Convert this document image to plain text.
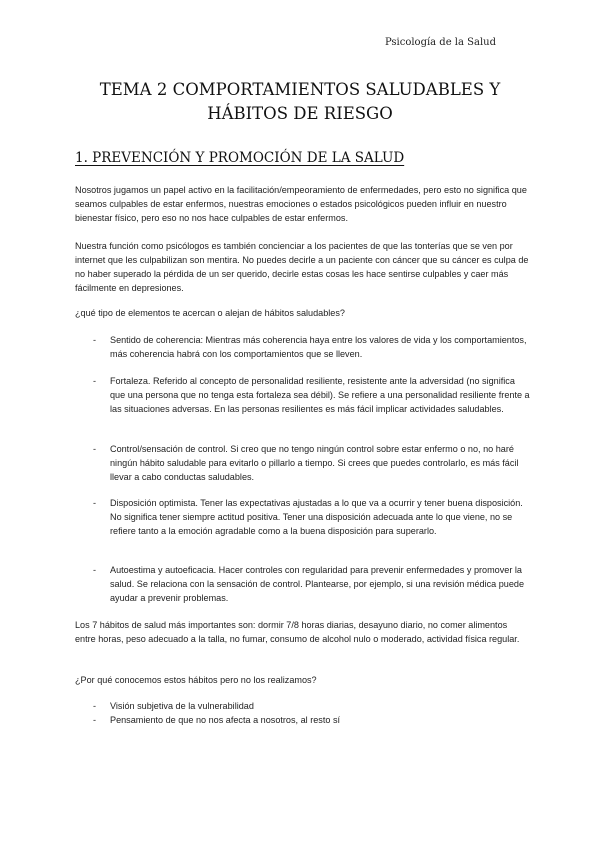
Psicología de la Salud
TEMA 2 COMPORTAMIENTOS SALUDABLES Y
HÁBITOS DE RIESGO
1. PREVENCIÓN Y PROMOCIÓN DE LA SALUD

Nosotros jugamos un papel activo en la facilitación/empeoramiento de enfermedades, pero esto no significa que seamos culpables de estar enfermos, nuestras emociones o estados psicológicos pueden influir en nuestro bienestar físico, pero eso no nos hace culpables de estar enfermos.

Nuestra función como psicólogos es también concienciar a los pacientes de que las tonterías que se ven por internet que les culpabilizan son mentira. No puedes decirle a un paciente con cáncer que su cáncer es culpa de no haber superado la pérdida de un ser querido, decirle estas cosas les hace sentirse culpables y caer más fácilmente en depresiones.

¿qué tipo de elementos te acercan o alejan de hábitos saludables?

- Sentido de coherencia: Mientras más coherencia haya entre los valores de vida y los comportamientos, más coherencia habrá con los comportamientos que se lleven.
- Fortaleza. Referido al concepto de personalidad resiliente, resistente ante la adversidad (no significa que una persona que no tenga esta fortaleza sea débil). Se refiere a una personalidad resiliente frente a las situaciones adversas. En las personas resilientes es más fácil implicar actividades saludables.
- Control/sensación de control. Si creo que no tengo ningún control sobre estar enfermo o no, no haré ningún hábito saludable para evitarlo o pillarlo a tiempo. Si crees que puedes controlarlo, es más fácil llevar a cabo conductas saludables.
- Disposición optimista. Tener las expectativas ajustadas a lo que va a ocurrir y tener buena disposición. No significa tener siempre actitud positiva. Tener una disposición adecuada ante lo que viene, no se refiere tanto a la emoción agradable como a la buena disposición para superarlo.
- Autoestima y autoeficacia. Hacer controles con regularidad para prevenir enfermedades y promover la salud. Se relaciona con la sensación de control. Plantearse, por ejemplo, si una revisión médica puede ayudar a prevenir problemas.

Los 7 hábitos de salud más importantes son: dormir 7/8 horas diarias, desayuno diario, no comer alimentos entre horas, peso adecuado a la talla, no fumar, consumo de alcohol nulo o moderado, actividad física regular.

¿Por qué conocemos estos hábitos pero no los realizamos?

- Visión subjetiva de la vulnerabilidad
- Pensamiento de que no nos afecta a nosotros, al resto sí
